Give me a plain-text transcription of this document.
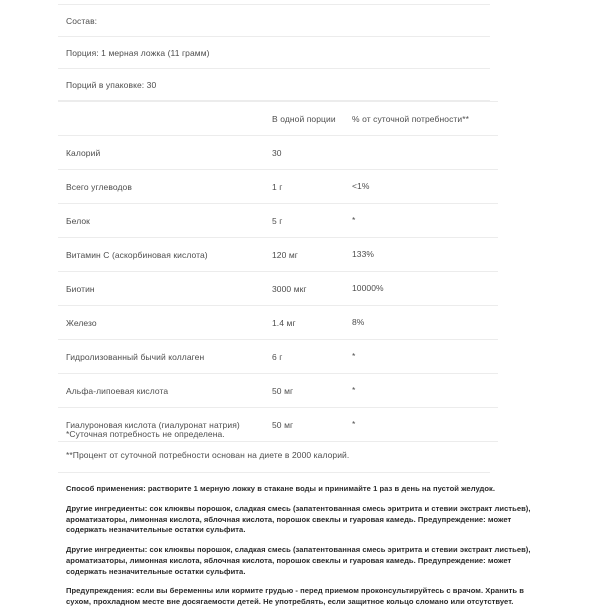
Состав:
Порция: 1 мерная ложка (11 грамм)
Порций в упаковке: 30
	В одной порции	% от суточной потребности**
Калорий	30	
Всего углеводов	1 г	<1%
Белок	5 г	*
Витамин С (аскорбиновая кислота)	120 мг	133%
Биотин	3000 мкг	10000%
Железо	1.4 мг	8%
Гидролизованный бычий коллаген	6 г	*
Альфа-липоевая кислота	50 мг	*
Гиалуроновая кислота (гиалуронат натрия)	50 мг	*
*Суточная потребность не определена.
**Процент от суточной потребности основан на диете в 2000 калорий.

Способ применения: растворите 1 мерную ложку в стакане воды и принимайте 1 раз в день на пустой желудок.

Другие ингредиенты: сок клюквы порошок, сладкая смесь (запатентованная смесь эритрита и стевии экстракт листьев), ароматизаторы, лимонная кислота, яблочная кислота, порошок свеклы и гуаровая камедь. Предупреждение: может содержать незначительные остатки сульфита.

Другие ингредиенты: сок клюквы порошок, сладкая смесь (запатентованная смесь эритрита и стевии экстракт листьев), ароматизаторы, лимонная кислота, яблочная кислота, порошок свеклы и гуаровая камедь. Предупреждение: может содержать незначительные остатки сульфита.

Предупреждения: если вы беременны или кормите грудью - перед приемом проконсультируйтесь с врачом. Хранить в сухом, прохладном месте вне досягаемости детей. Не употреблять, если защитное кольцо сломано или отсутствует.
